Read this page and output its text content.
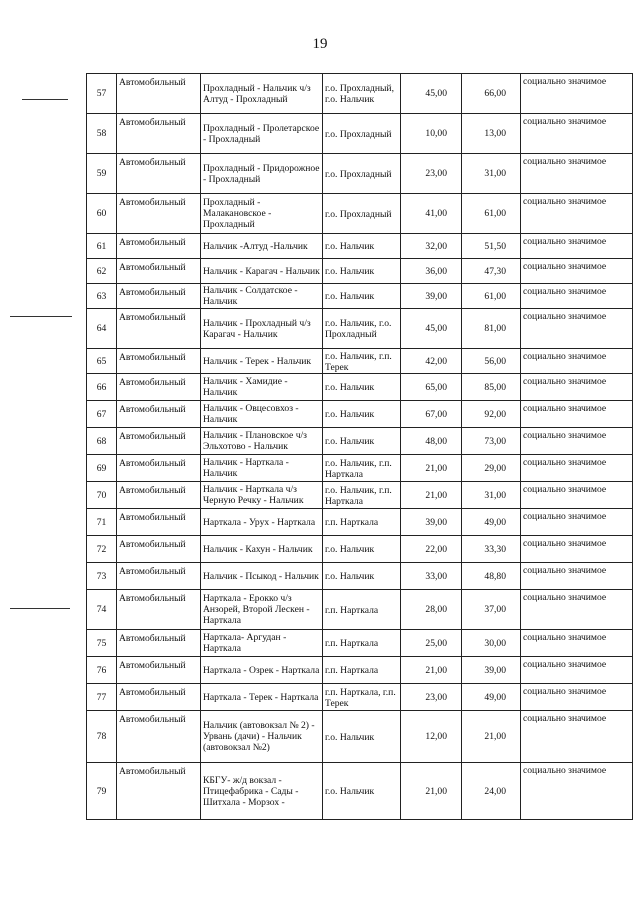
19
57	Автомобильный	Прохладный - Нальчик ч/з Алтуд - Прохладный	г.о. Прохладный, г.о. Нальчик	45,00	66,00	социально значимое
58	Автомобильный	Прохладный - Пролетарское - Прохладный	г.о. Прохладный	10,00	13,00	социально значимое
59	Автомобильный	Прохладный - Придорожное - Прохладный	г.о. Прохладный	23,00	31,00	социально значимое
60	Автомобильный	Прохладный - Малакановское - Прохладный	г.о. Прохладный	41,00	61,00	социально значимое
61	Автомобильный	Нальчик -Алтуд -Нальчик	г.о. Нальчик	32,00	51,50	социально значимое
62	Автомобильный	Нальчик - Карагач - Нальчик	г.о. Нальчик	36,00	47,30	социально значимое
63	Автомобильный	Нальчик - Солдатское - Нальчик	г.о. Нальчик	39,00	61,00	социально значимое
64	Автомобильный	Нальчик - Прохладный ч/з Карагач - Нальчик	г.о. Нальчик, г.о. Прохладный	45,00	81,00	социально значимое
65	Автомобильный	Нальчик - Терек - Нальчик	г.о. Нальчик, г.п. Терек	42,00	56,00	социально значимое
66	Автомобильный	Нальчик - Хамидие - Нальчик	г.о. Нальчик	65,00	85,00	социально значимое
67	Автомобильный	Нальчик - Овцесовхоз - Нальчик	г.о. Нальчик	67,00	92,00	социально значимое
68	Автомобильный	Нальчик - Плановское ч/з Эльхотово - Нальчик	г.о. Нальчик	48,00	73,00	социально значимое
69	Автомобильный	Нальчик - Нарткала - Нальчик	г.о. Нальчик, г.п. Нарткала	21,00	29,00	социально значимое
70	Автомобильный	Нальчик - Нарткала ч/з Черную Речку - Нальчик	г.о. Нальчик, г.п. Нарткала	21,00	31,00	социально значимое
71	Автомобильный	Нарткала - Урух - Нарткала	г.п. Нарткала	39,00	49,00	социально значимое
72	Автомобильный	Нальчик - Кахун - Нальчик	г.о. Нальчик	22,00	33,30	социально значимое
73	Автомобильный	Нальчик - Псыкод - Нальчик	г.о. Нальчик	33,00	48,80	социально значимое
74	Автомобильный	Нарткала - Ерокко ч/з Анзорей, Второй Лескен - Нарткала	г.п. Нарткала	28,00	37,00	социально значимое
75	Автомобильный	Нарткала- Аргудан - Нарткала	г.п. Нарткала	25,00	30,00	социально значимое
76	Автомобильный	Нарткала - Озрек - Нарткала	г.п. Нарткала	21,00	39,00	социально значимое
77	Автомобильный	Нарткала - Терек - Нарткала	г.п. Нарткала, г.п. Терек	23,00	49,00	социально значимое
78	Автомобильный	Нальчик (автовокзал № 2) - Урвань (дачи) - Нальчик (автовокзал №2)	г.о. Нальчик	12,00	21,00	социально значимое
79	Автомобильный	КБГУ- ж/д вокзал - Птицефабрика - Сады - Шитхала - Морзох -	г.о. Нальчик	21,00	24,00	социально значимое
